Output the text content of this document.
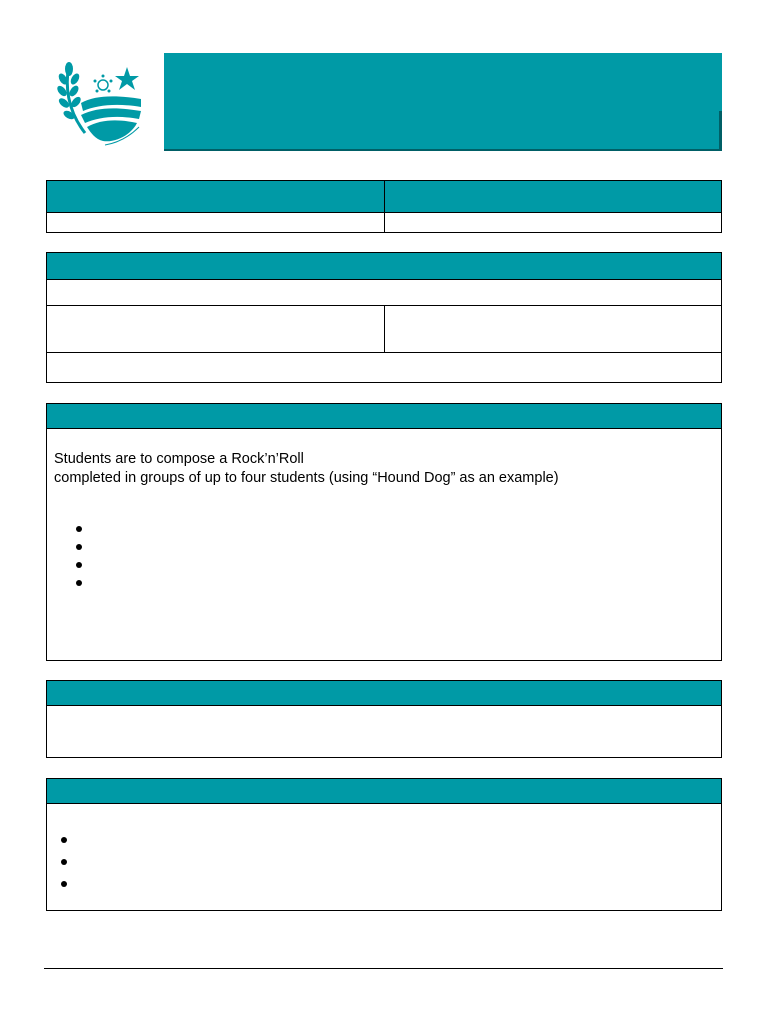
Students are to compose a Rock’n’Roll
completed in groups of up to four students (using “Hound Dog” as an example)
